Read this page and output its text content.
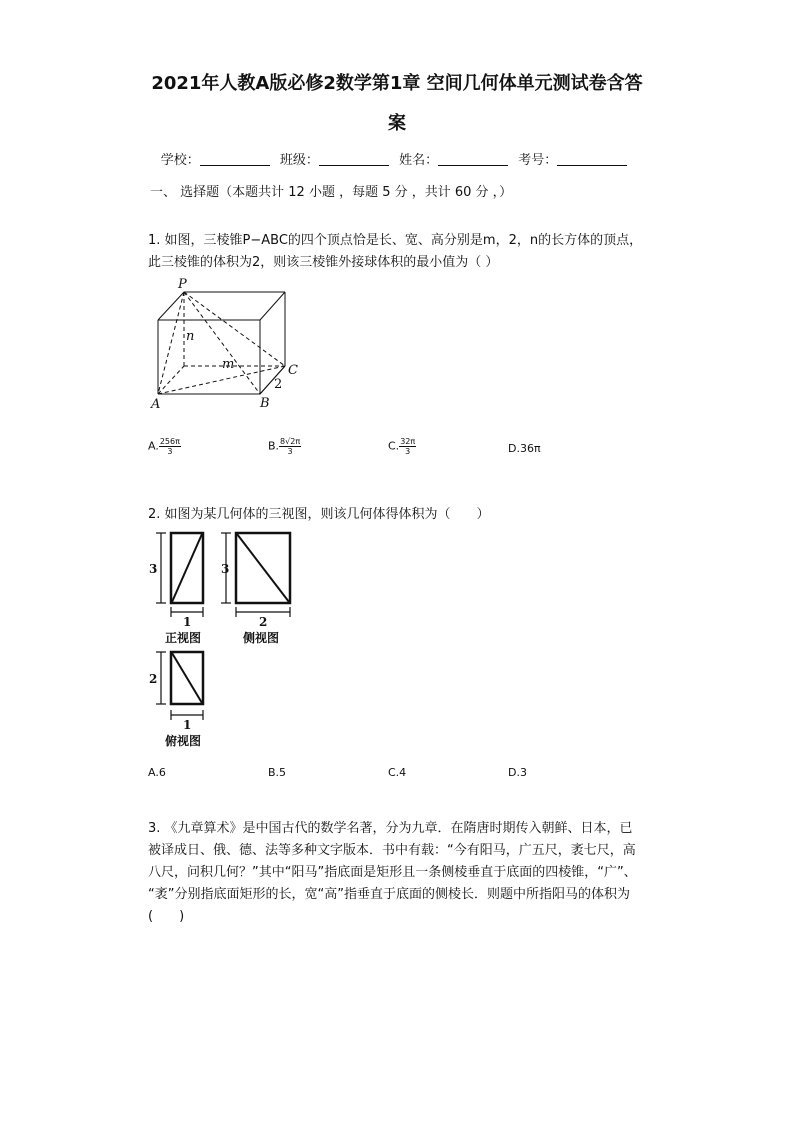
2021年人教A版必修2数学第1章 空间几何体单元测试卷含答
案
学校：	班级：	姓名：	考号：
一、 选择题（本题共计 12 小题 ，每题 5 分 ，共计 60 分 ，）
1. 如图，三棱锥P−ABC的四个顶点恰是长、宽、高分别是m，2，n的长方体的顶点，
此三棱锥的体积为2，则该三棱锥外接球体积的最小值为（ ）
P
A	B
C
n
m
2
A. $\frac{256\pi}{3}$	B. $\frac{8√2\pi}{3}$	C. $\frac{32\pi}{3}$	D.36π
2. 如图为某几何体的三视图，则该几何体得体积为（　　）
3
1
正视图
3
2
侧视图
2
1
俯视图
A.6	B.5	C.4	D.3
3. 《九章算术》是中国古代的数学名著，分为九章．在隋唐时期传入朝鲜、日本，已
被译成日、俄、德、法等多种文字版本．书中有载：“今有阳马，广五尺，袤七尺，高
八尺，问积几何？”其中“阳马”指底面是矩形且一条侧棱垂直于底面的四棱锥，“广”、
“袤”分别指底面矩形的长，宽“高”指垂直于底面的侧棱长．则题中所指阳马的体积为
(　　)
